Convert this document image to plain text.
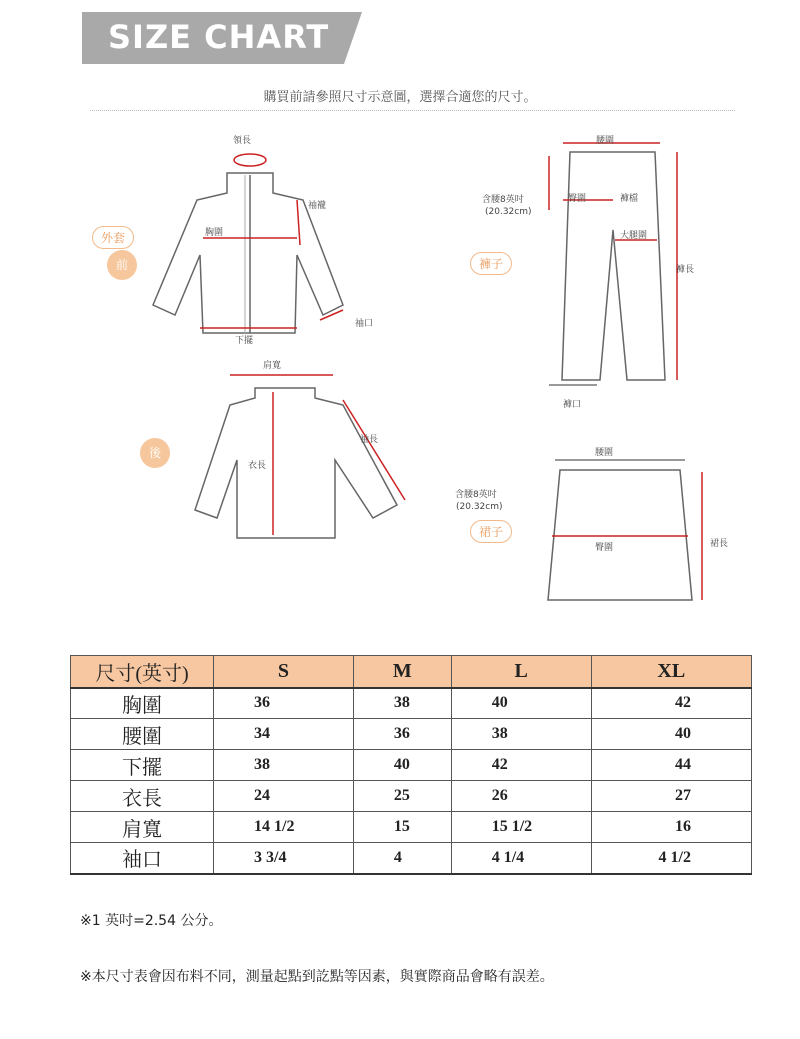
SIZE CHART
購買前請參照尺寸示意圖，選擇合適您的尺寸。
領長
袖襱
胸圍
下擺
袖口
外套
前
肩寬
袖長
衣長
後
腰圍
含腰8英吋
(20.32cm)
臀圍	褲檔
大腿圍
褲長
褲口
褲子
腰圍
含腰8英吋
(20.32cm)
臀圍	裙長
裙子
尺寸(英寸)	S	M	L	XL
胸圍	36	38	40	42
腰圍	34	36	38	40
下擺	38	40	42	44
衣長	24	25	26	27
肩寬	14 1/2	15	15 1/2	16
袖口	3 3/4	4	4 1/4	4 1/2
※1 英吋=2.54 公分。
※本尺寸表會因布料不同，測量起點到訖點等因素，與實際商品會略有誤差。
